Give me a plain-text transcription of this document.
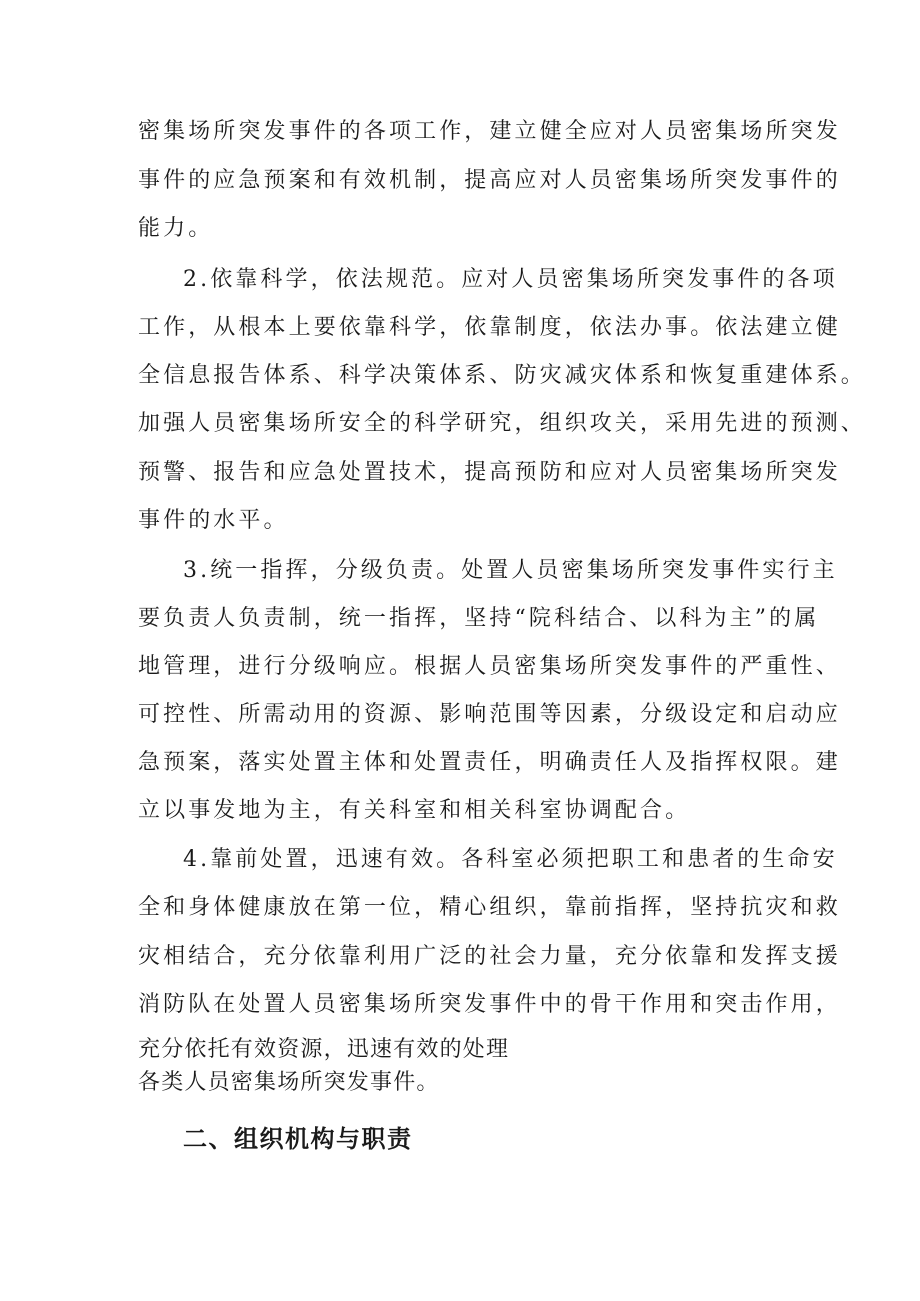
密集场所突发事件的各项工作，建立健全应对人员密集场所突发
事件的应急预案和有效机制，提高应对人员密集场所突发事件的
能力。
2.依靠科学，依法规范。应对人员密集场所突发事件的各项
工作，从根本上要依靠科学，依靠制度，依法办事。依法建立健
全信息报告体系、科学决策体系、防灾减灾体系和恢复重建体系。
加强人员密集场所安全的科学研究，组织攻关，采用先进的预测、
预警、报告和应急处置技术，提高预防和应对人员密集场所突发
事件的水平。
3.统一指挥，分级负责。处置人员密集场所突发事件实行主
要负责人负责制，统一指挥，坚持“院科结合、以科为主”的属
地管理，进行分级响应。根据人员密集场所突发事件的严重性、
可控性、所需动用的资源、影响范围等因素，分级设定和启动应
急预案，落实处置主体和处置责任，明确责任人及指挥权限。建
立以事发地为主，有关科室和相关科室协调配合。
4.靠前处置，迅速有效。各科室必须把职工和患者的生命安
全和身体健康放在第一位，精心组织，靠前指挥，坚持抗灾和救
灾相结合，充分依靠利用广泛的社会力量，充分依靠和发挥支援
消防队在处置人员密集场所突发事件中的骨干作用和突击作用，
充分依托有效资源，迅速有效的处理
各类人员密集场所突发事件。
二、组织机构与职责
